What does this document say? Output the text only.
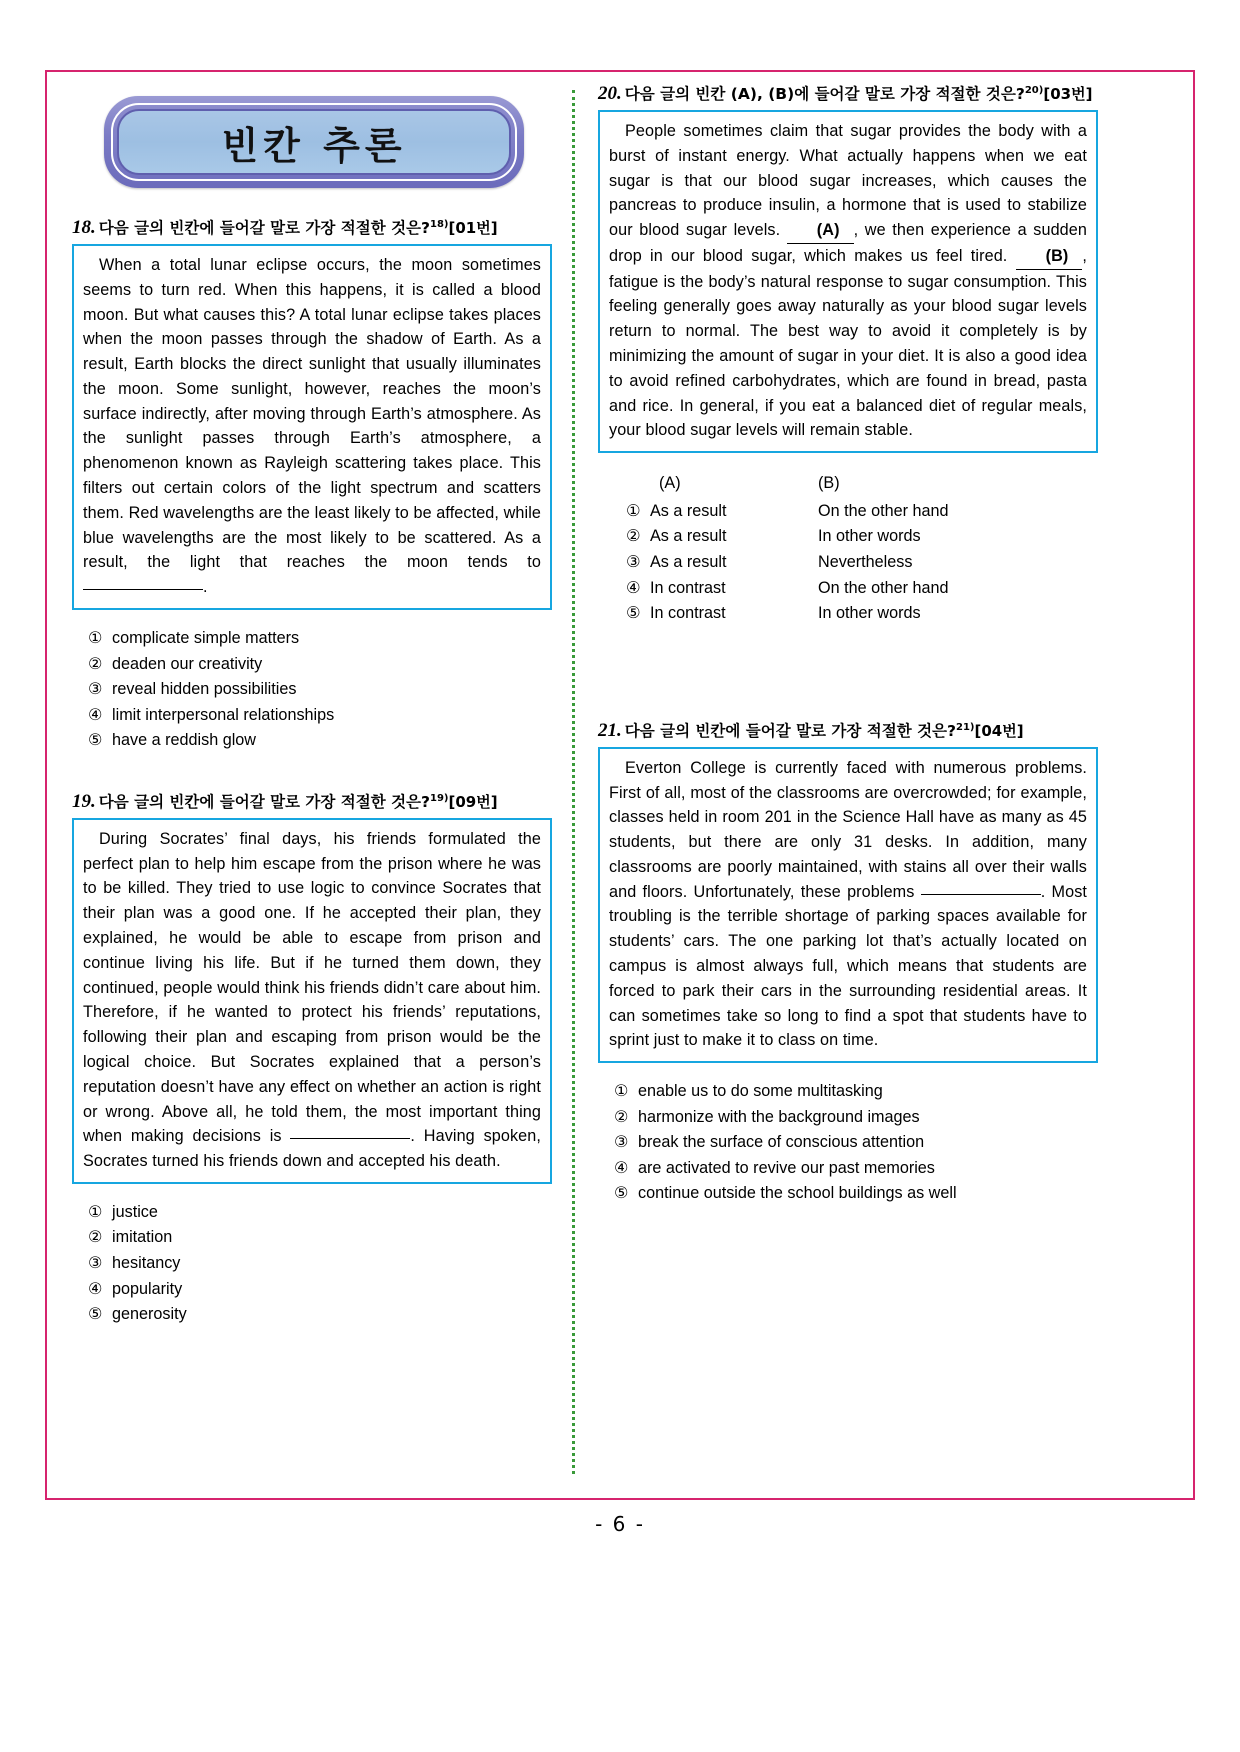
빈칸 추론
18. 다음 글의 빈칸에 들어갈 말로 가장 적절한 것은?$^{18)}$[01번]

When a total lunar eclipse occurs, the moon sometimes seems to turn red. When this happens, it is called a blood moon. But what causes this? A total lunar eclipse takes places when the moon passes through the shadow of Earth. As a result, Earth blocks the direct sunlight that usually illuminates the moon. Some sunlight, however, reaches the moon’s surface indirectly, after moving through Earth’s atmosphere. As the sunlight passes through Earth’s atmosphere, a phenomenon known as Rayleigh scattering takes place. This filters out certain colors of the light spectrum and scatters them. Red wavelengths are the least likely to be affected, while blue wavelengths are the most likely to be scattered. As a result, the light that reaches the moon tends to .

① complicate simple matters
② deaden our creativity
③ reveal hidden possibilities
④ limit interpersonal relationships
⑤ have a reddish glow
19. 다음 글의 빈칸에 들어갈 말로 가장 적절한 것은?$^{19)}$[09번]

During Socrates’ final days, his friends formulated the perfect plan to help him escape from the prison where he was to be killed. They tried to use logic to convince Socrates that their plan was a good one. If he accepted their plan, they explained, he would be able to escape from prison and continue living his life. But if he turned them down, they continued, people would think his friends didn’t care about him. Therefore, if he wanted to protect his friends’ reputations, following their plan and escaping from prison would be the logical choice. But Socrates explained that a person’s reputation doesn’t have any effect on whether an action is right or wrong. Above all, he told them, the most important thing when making decisions is	. Having spoken, Socrates turned his friends down and accepted his death.

① justice
② imitation
③ hesitancy
④ popularity
⑤ generosity
20. 다음 글의 빈칸 (A), (B)에 들어갈 말로 가장 적절한 것은?$^{20)}$[03번]

People sometimes claim that sugar provides the body with a burst of instant energy. What actually happens when we eat sugar is that our blood sugar increases, which causes the pancreas to produce insulin, a hormone that is used to stabilize our blood sugar levels.   (A) , we then experience a sudden drop in our blood sugar, which makes us feel tired.   (B) , fatigue is the body’s natural response to sugar consumption. This feeling generally goes away naturally as your blood sugar levels return to normal. The best way to avoid it completely is by minimizing the amount of sugar in your diet. It is also a good idea to avoid refined carbohydrates, which are found in bread, pasta and rice. In general, if you eat a balanced diet of regular meals, your blood sugar levels will remain stable.

(A)	(B)
① As a result	On the other hand
② As a result	In other words
③ As a result	Nevertheless
④ In contrast	On the other hand
⑤ In contrast	In other words
21. 다음 글의 빈칸에 들어갈 말로 가장 적절한 것은?$^{21)}$[04번]

Everton College is currently faced with numerous problems. First of all, most of the classrooms are overcrowded; for example, classes held in room 201 in the Science Hall have as many as 45 students, but there are only 31 desks. In addition, many classrooms are poorly maintained, with stains all over their walls and floors. Unfortunately, these problems	. Most troubling is the terrible shortage of parking spaces available for students’ cars. The one parking lot that’s actually located on campus is almost always full, which means that students are forced to park their cars in the surrounding residential areas. It can sometimes take so long to find a spot that students have to sprint just to make it to class on time.

① enable us to do some multitasking
② harmonize with the background images
③ break the surface of conscious attention
④ are activated to revive our past memories
⑤ continue outside the school buildings as well
- 6 -
